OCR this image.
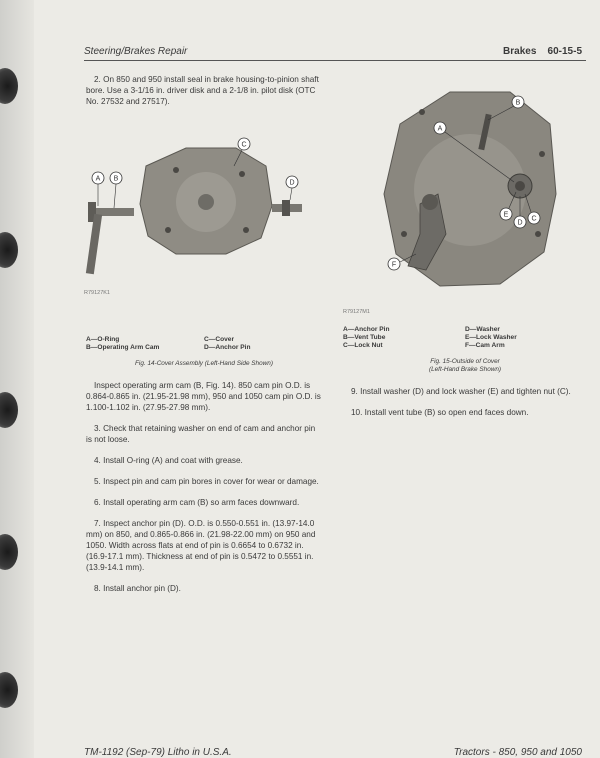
Steering/Brakes Repair	Brakes 60-15-5
A B
C
D
R79127K1

2. On 850 and 950 install seal in brake housing-to-pinion shaft bore. Use a 3-1/16 in. driver disk and a 2-1/8 in. pilot disk (OTC No. 27532 and 27517).

A—O-Ring	C—Cover
B—Operating Arm Cam	D—Anchor Pin
Fig. 14-Cover Assembly (Left-Hand Side Shown)

Inspect operating arm cam (B, Fig. 14). 850 cam pin O.D. is 0.864-0.865 in. (21.95-21.98 mm), 950 and 1050 cam pin O.D. is 1.100-1.102 in. (27.95-27.98 mm).

3. Check that retaining washer on end of cam and anchor pin is not loose.

4. Install O-ring (A) and coat with grease.

5. Inspect pin and cam pin bores in cover for wear or damage.

6. Install operating arm cam (B) so arm faces downward.

7. Inspect anchor pin (D). O.D. is 0.550-0.551 in. (13.97-14.0 mm) on 850, and 0.865-0.866 in. (21.98-22.00 mm) on 950 and 1050. Width across flats at end of pin is 0.6654 to 0.6732 in. (16.9-17.1 mm). Thickness at end of pin is 0.5472 to 0.5551 in. (13.9-14.1 mm).

8. Install anchor pin (D).

A
B
E
D
C
F
R79127M1
A—Anchor Pin	D—Washer
B—Vent Tube	E—Lock Washer
C—Lock Nut	F—Cam Arm
Fig. 15-Outside of Cover
(Left-Hand Brake Shown)

9. Install washer (D) and lock washer (E) and tighten nut (C).

10. Install vent tube (B) so open end faces down.

TM-1192 (Sep-79) Litho in U.S.A.	Tractors - 850, 950 and 1050
